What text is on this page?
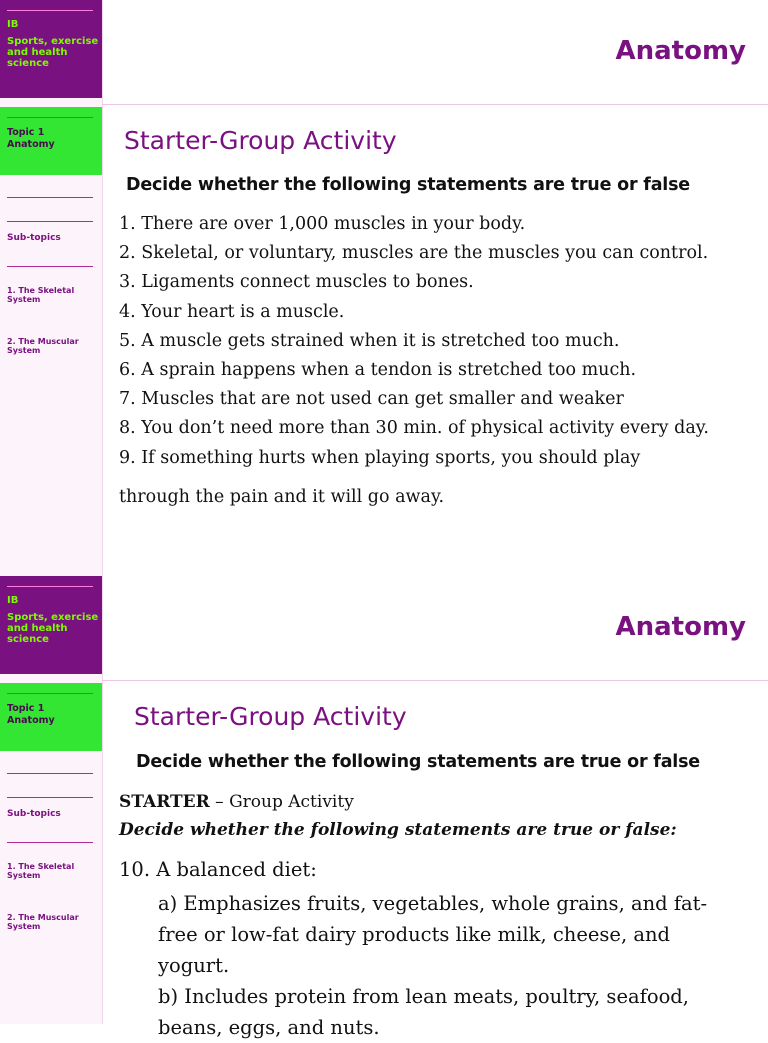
IB
Sports, exercise and health science
Topic 1
Anatomy
Sub-topics
1. The Skeletal System
2. The Muscular System
Anatomy
Starter-Group Activity
Decide whether the following statements are true or false
1. There are over 1,000 muscles in your body.
2. Skeletal, or voluntary, muscles are the muscles you can control.
3. Ligaments connect muscles to bones.
4. Your heart is a muscle.
5. A muscle gets strained when it is stretched too much.
6. A sprain happens when a tendon is stretched too much.
7. Muscles that are not used can get smaller and weaker
8. You don’t need more than 30 min. of physical activity every day.
9. If something hurts when playing sports, you should play
through the pain and it will go away.
IB
Sports, exercise and health science
Topic 1
Anatomy
Sub-topics
1. The Skeletal System
2. The Muscular System
Anatomy
Starter-Group Activity
Decide whether the following statements are true or false
STARTER – Group Activity
Decide whether the following statements are true or false:
10. A balanced diet:

a) Emphasizes fruits, vegetables, whole grains, and fat-free or low-fat dairy products like milk, cheese, and yogurt.

b) Includes protein from lean meats, poultry, seafood, beans, eggs, and nuts.
